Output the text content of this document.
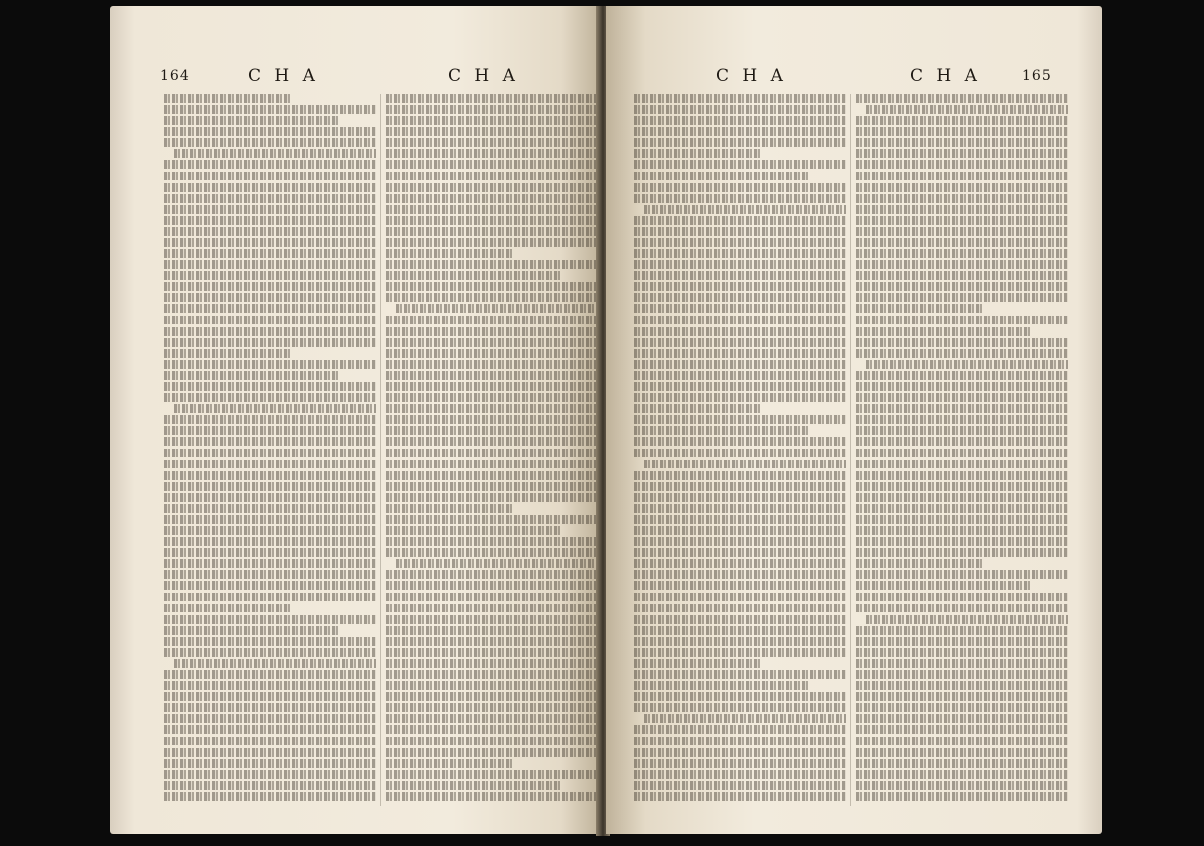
164	C H A	C H A	C H A	C H A	165
